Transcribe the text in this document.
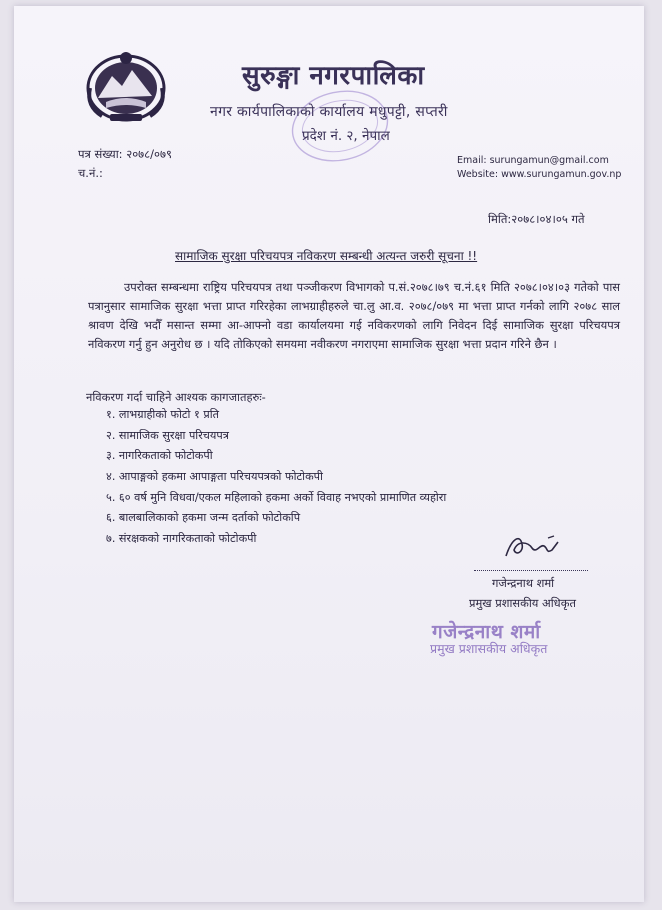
सुरुङ्गा नगरपालिका
नगर कार्यपालिकाको कार्यालय मधुपट्टी, सप्तरी
प्रदेश नं. २, नेपाल
पत्र संख्या: २०७८/०७९
च.नं.:
Email: surungamun@gmail.com
Website: www.surungamun.gov.np
मिति:२०७८।०४।०५ गते
सामाजिक सुरक्षा परिचयपत्र नविकरण सम्बन्धी अत्यन्त जरुरी सूचना !!
उपरोक्त सम्बन्धमा राष्ट्रिय परिचयपत्र तथा पञ्जीकरण विभागको प.सं.२०७८।७९ च.नं.६१ मिति २०७८।०४।०३ गतेको पास पत्रानुसार सामाजिक सुरक्षा भत्ता प्राप्त गरिरहेका लाभग्राहीहरुले चा.लु आ.व. २०७८/०७९ मा भत्ता प्राप्त गर्नको लागि २०७८ साल श्रावण देखि भदौँ मसान्त सम्मा आ-आफ्नो वडा कार्यालयमा गई नविकरणको लागि निवेदन दिई सामाजिक सुरक्षा परिचयपत्र नविकरण गर्नु हुन अनुरोध छ । यदि तोकिएको समयमा नवीकरण नगराएमा सामाजिक सुरक्षा भत्ता प्रदान गरिने छैन ।
नविकरण गर्दा चाहिने आश्यक कागजातहरुः-
१. लाभग्राहीको फोटो १ प्रति
२. सामाजिक सुरक्षा परिचयपत्र
३. नागरिकताको फोटोकपी
४. आपाङ्गको हकमा आपाङ्गता परिचयपत्रको फोटोकपी
५. ६० वर्ष मुनि विधवा/एकल महिलाको हकमा अर्को विवाह नभएको प्रामाणित व्यहोरा
६. बालबालिकाको हकमा जन्म दर्ताको फोटोकपि
७. संरक्षकको नागरिकताको फोटोकपी
गजेन्द्रनाथ शर्मा
प्रमुख प्रशासकीय अधिकृत
गजेन्द्रनाथ शर्मा
प्रमुख प्रशासकीय अधिकृत
